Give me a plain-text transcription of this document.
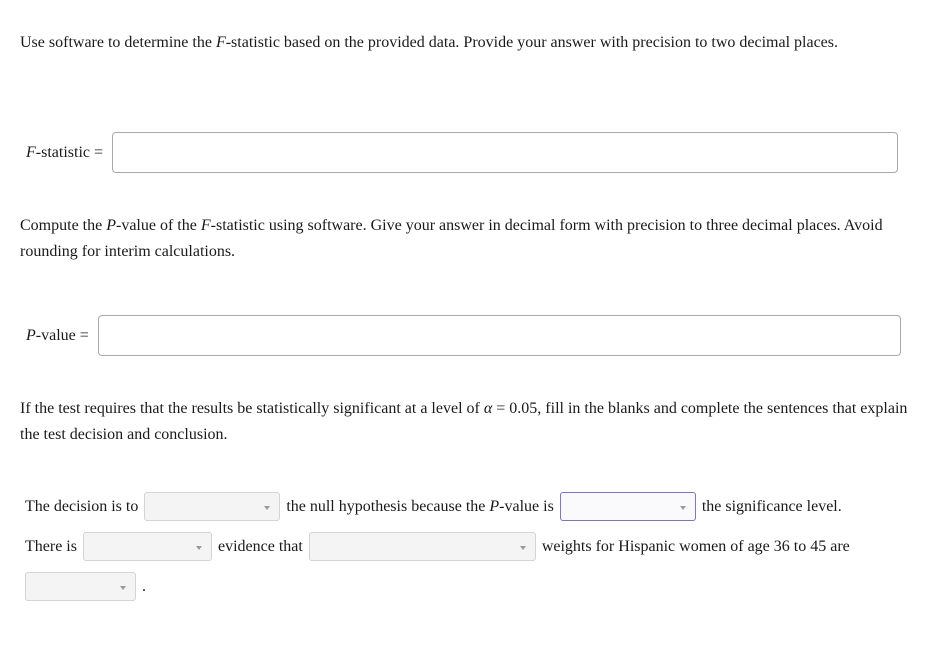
Use software to determine the F-statistic based on the provided data. Provide your answer with precision to two decimal places.

F-statistic =

Compute the P-value of the F-statistic using software. Give your answer in decimal form with precision to three decimal places. Avoid rounding for interim calculations.

P-value =

If the test requires that the results be statistically significant at a level of α = 0.05, fill in the blanks and complete the sentences that explain the test decision and conclusion.

The decision is to	the null hypothesis because the P-value is	the significance level.
There is	evidence that	weights for Hispanic women of age 36 to 45 are
.
